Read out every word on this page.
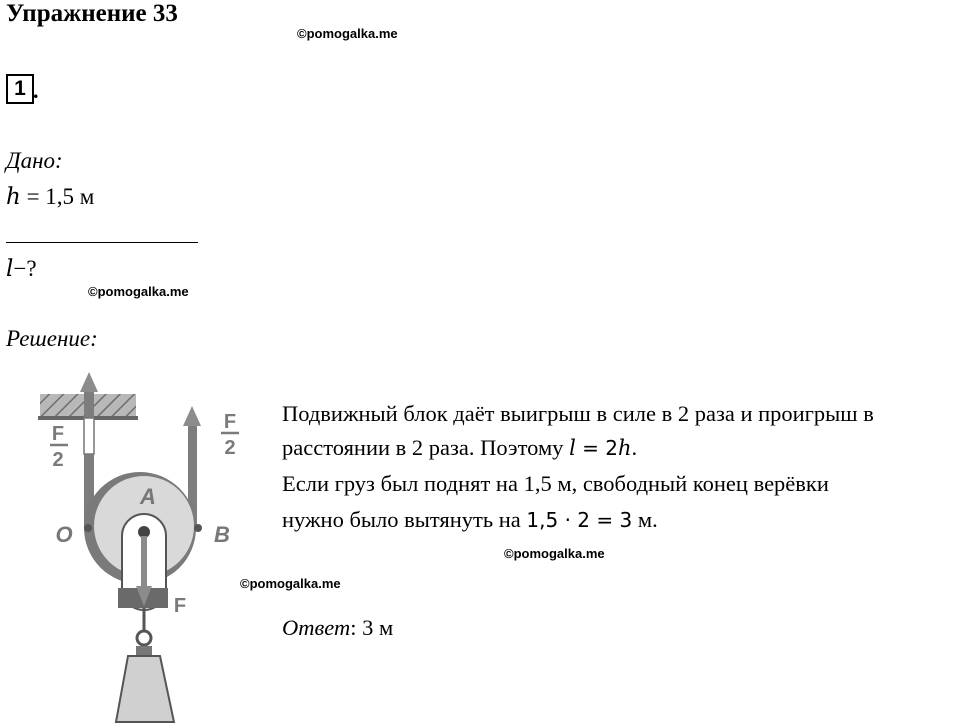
Упражнение 33
©pomogalka.me
1 .
Дано:
h = 1,5 м
l−?
©pomogalka.me
Решение:
F
2
F
2
O
A
B
F
Подвижный блок даёт выигрыш в силе в 2 раза и проигрыш в
расстоянии в 2 раза. Поэтому l = 2h.
Если груз был поднят на 1,5 м, свободный конец верёвки
нужно было вытянуть на 1,5 · 2 = 3 м.
©pomogalka.me
©pomogalka.me
Ответ: 3 м
